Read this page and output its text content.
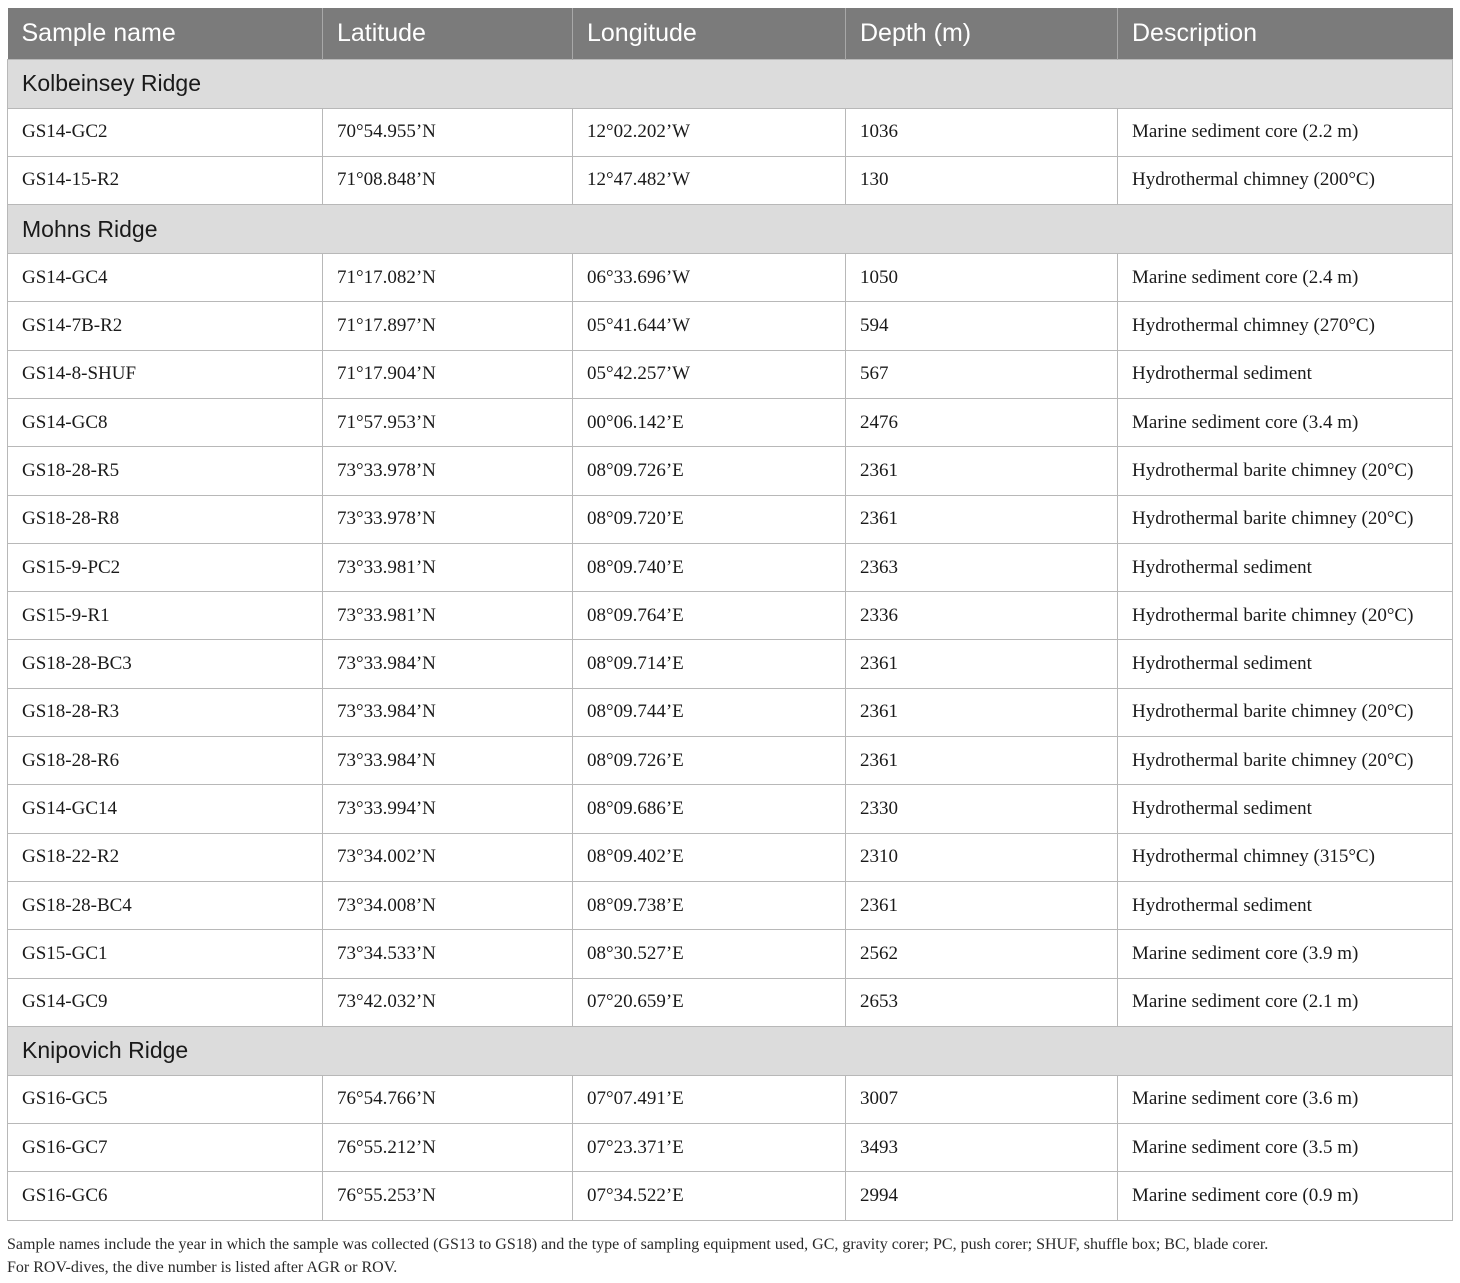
Sample name	Latitude	Longitude	Depth (m)	Description
Kolbeinsey Ridge				
GS14-GC2	70°54.955’N	12°02.202’W	1036	Marine sediment core (2.2 m)
GS14-15-R2	71°08.848’N	12°47.482’W	130	Hydrothermal chimney (200°C)
Mohns Ridge				
GS14-GC4	71°17.082’N	06°33.696’W	1050	Marine sediment core (2.4 m)
GS14-7B-R2	71°17.897’N	05°41.644’W	594	Hydrothermal chimney (270°C)
GS14-8-SHUF	71°17.904’N	05°42.257’W	567	Hydrothermal sediment
GS14-GC8	71°57.953’N	00°06.142’E	2476	Marine sediment core (3.4 m)
GS18-28-R5	73°33.978’N	08°09.726’E	2361	Hydrothermal barite chimney (20°C)
GS18-28-R8	73°33.978’N	08°09.720’E	2361	Hydrothermal barite chimney (20°C)
GS15-9-PC2	73°33.981’N	08°09.740’E	2363	Hydrothermal sediment
GS15-9-R1	73°33.981’N	08°09.764’E	2336	Hydrothermal barite chimney (20°C)
GS18-28-BC3	73°33.984’N	08°09.714’E	2361	Hydrothermal sediment
GS18-28-R3	73°33.984’N	08°09.744’E	2361	Hydrothermal barite chimney (20°C)
GS18-28-R6	73°33.984’N	08°09.726’E	2361	Hydrothermal barite chimney (20°C)
GS14-GC14	73°33.994’N	08°09.686’E	2330	Hydrothermal sediment
GS18-22-R2	73°34.002’N	08°09.402’E	2310	Hydrothermal chimney (315°C)
GS18-28-BC4	73°34.008’N	08°09.738’E	2361	Hydrothermal sediment
GS15-GC1	73°34.533’N	08°30.527’E	2562	Marine sediment core (3.9 m)
GS14-GC9	73°42.032’N	07°20.659’E	2653	Marine sediment core (2.1 m)
Knipovich Ridge				
GS16-GC5	76°54.766’N	07°07.491’E	3007	Marine sediment core (3.6 m)
GS16-GC7	76°55.212’N	07°23.371’E	3493	Marine sediment core (3.5 m)
GS16-GC6	76°55.253’N	07°34.522’E	2994	Marine sediment core (0.9 m)

Sample names include the year in which the sample was collected (GS13 to GS18) and the type of sampling equipment used, GC, gravity corer; PC, push corer; SHUF, shuffle box; BC, blade corer.

For ROV-dives, the dive number is listed after AGR or ROV.
